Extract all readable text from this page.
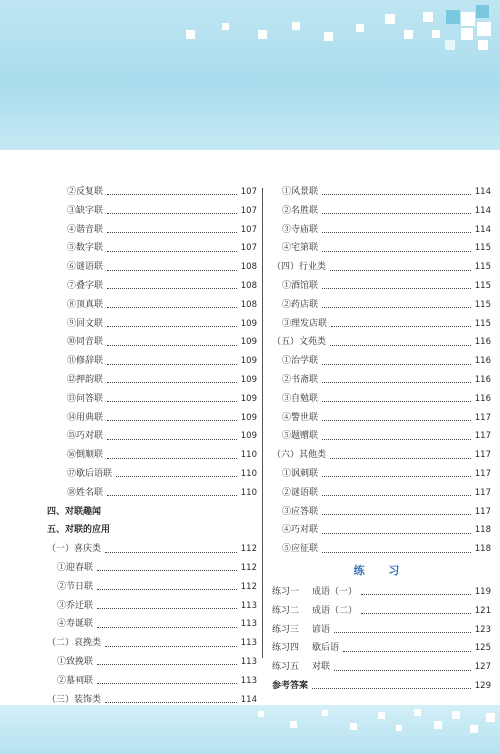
②反复联	107
③缺字联	107
④谐音联	107
⑤数字联	107
⑥谜语联	108
⑦叠字联	108
⑧顶真联	108
⑨回文联	109
⑩同音联	109
⑪修辞联	109
⑫押韵联	109
⑬问答联	109
⑭用典联	109
⑮巧对联	109
⑯倒顺联	110
⑰歇后语联	110
⑱姓名联	110
四、对联趣闻
五、对联的应用
（一）喜庆类	112
①迎春联	112
②节日联	112
③乔迁联	113
④寿诞联	113
（二）哀挽类	113
①致挽联	113
②墓祠联	113
（三）装饰类	114
①风景联	114
②名胜联	114
③寺庙联	114
④宅第联	115
（四）行业类	115
①酒馆联	115
②药店联	115
③理发店联	115
（五）文苑类	116
①治学联	116
②书斋联	116
③自勉联	116
④警世联	117
⑤题赠联	117
（六）其他类	117
①讽刺联	117
②谜语联	117
③应答联	117
④巧对联	118
⑤应征联	118
练 习
练习一	成语（一）	119
练习二	成语（二）	121
练习三	谚语	123
练习四	歇后语	125
练习五	对联	127
参考答案	129
